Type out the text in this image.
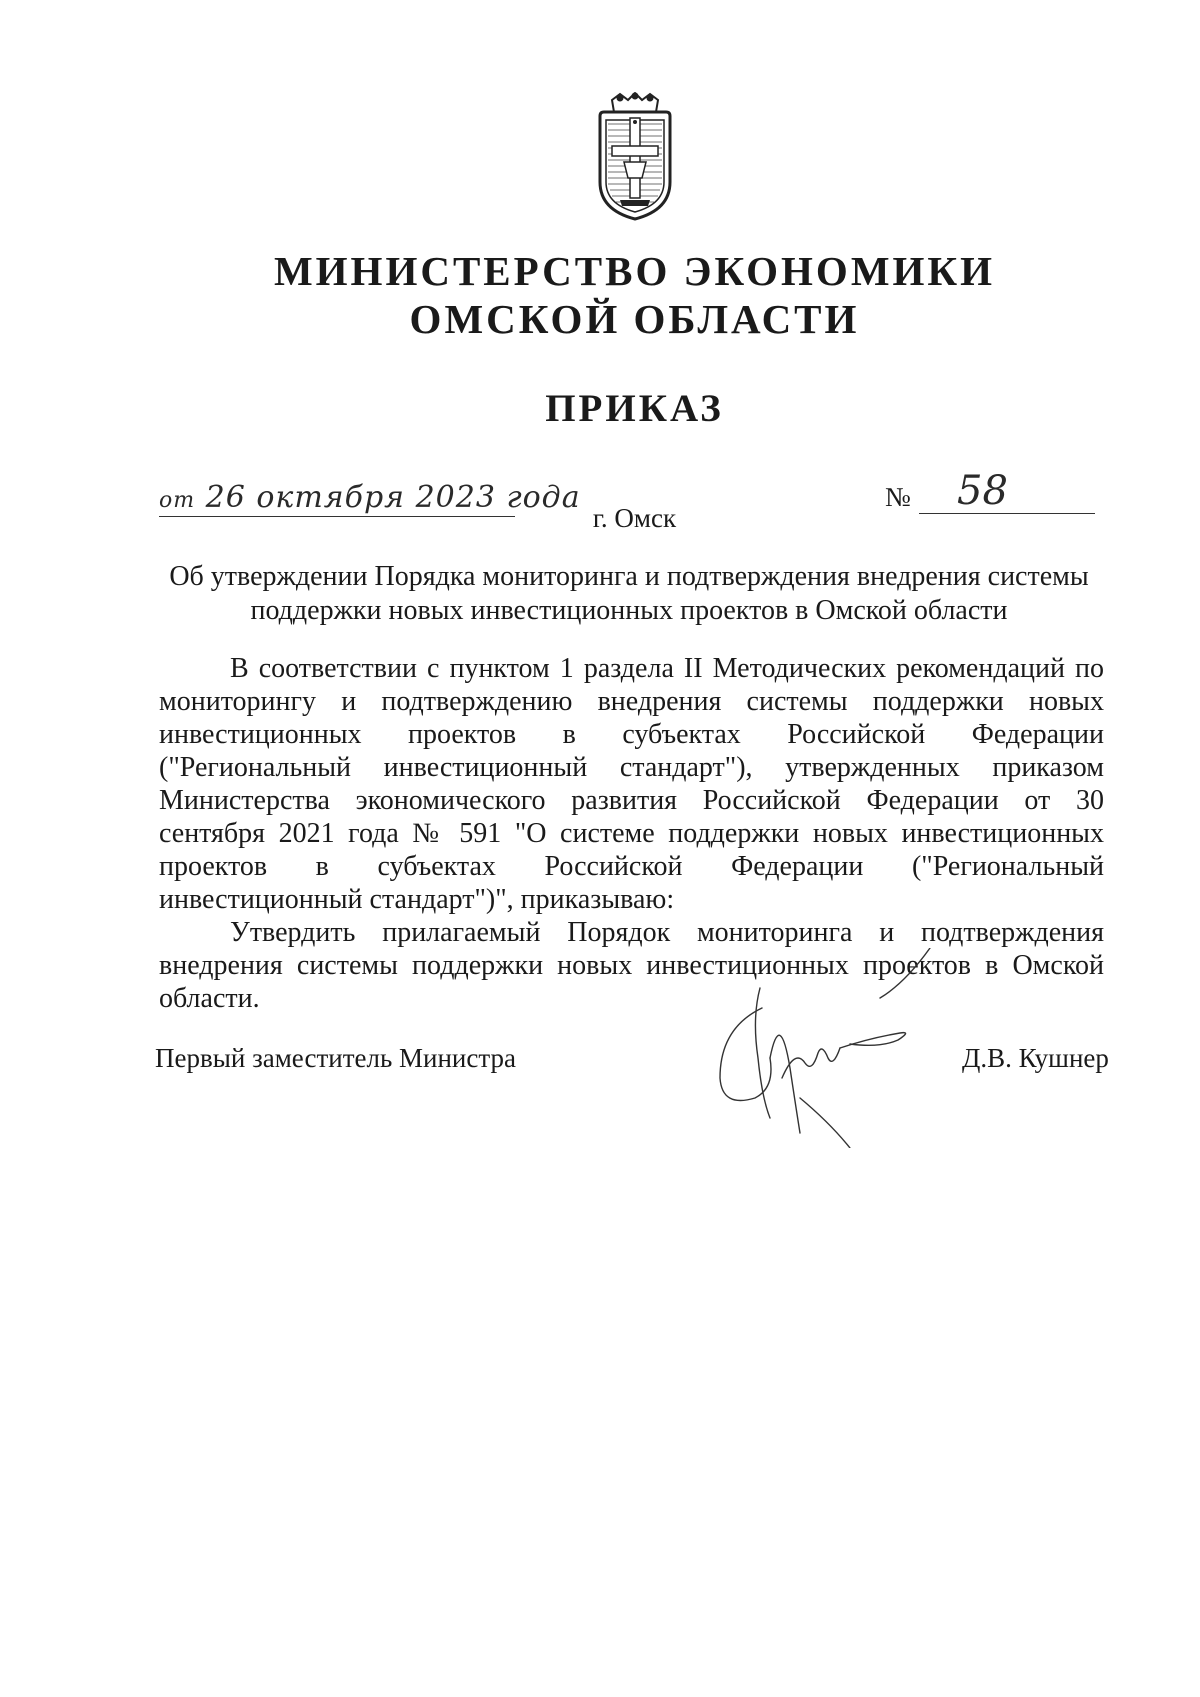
МИНИСТЕРСТВО ЭКОНОМИКИ
ОМСКОЙ ОБЛАСТИ
ПРИКАЗ
от 26 октября 2023 года	№ 58
г. Омск
Об утверждении Порядка мониторинга и подтверждения внедрения системы поддержки новых инвестиционных проектов в Омской области

В соответствии с пунктом 1 раздела II Методических рекомендаций по мониторингу и подтверждению внедрения системы поддержки новых инвестиционных проектов в субъектах Российской Федерации ("Региональный инвестиционный стандарт"), утвержденных приказом Министерства экономического развития Российской Федерации от 30 сентября 2021 года № 591 "О системе поддержки новых инвестиционных проектов в субъектах Российской Федерации ("Региональный инвестиционный стандарт")", приказываю:

Утвердить прилагаемый Порядок мониторинга и подтверждения внедрения системы поддержки новых инвестиционных проектов в Омской области.

Первый заместитель Министра	Д.В. Кушнер
